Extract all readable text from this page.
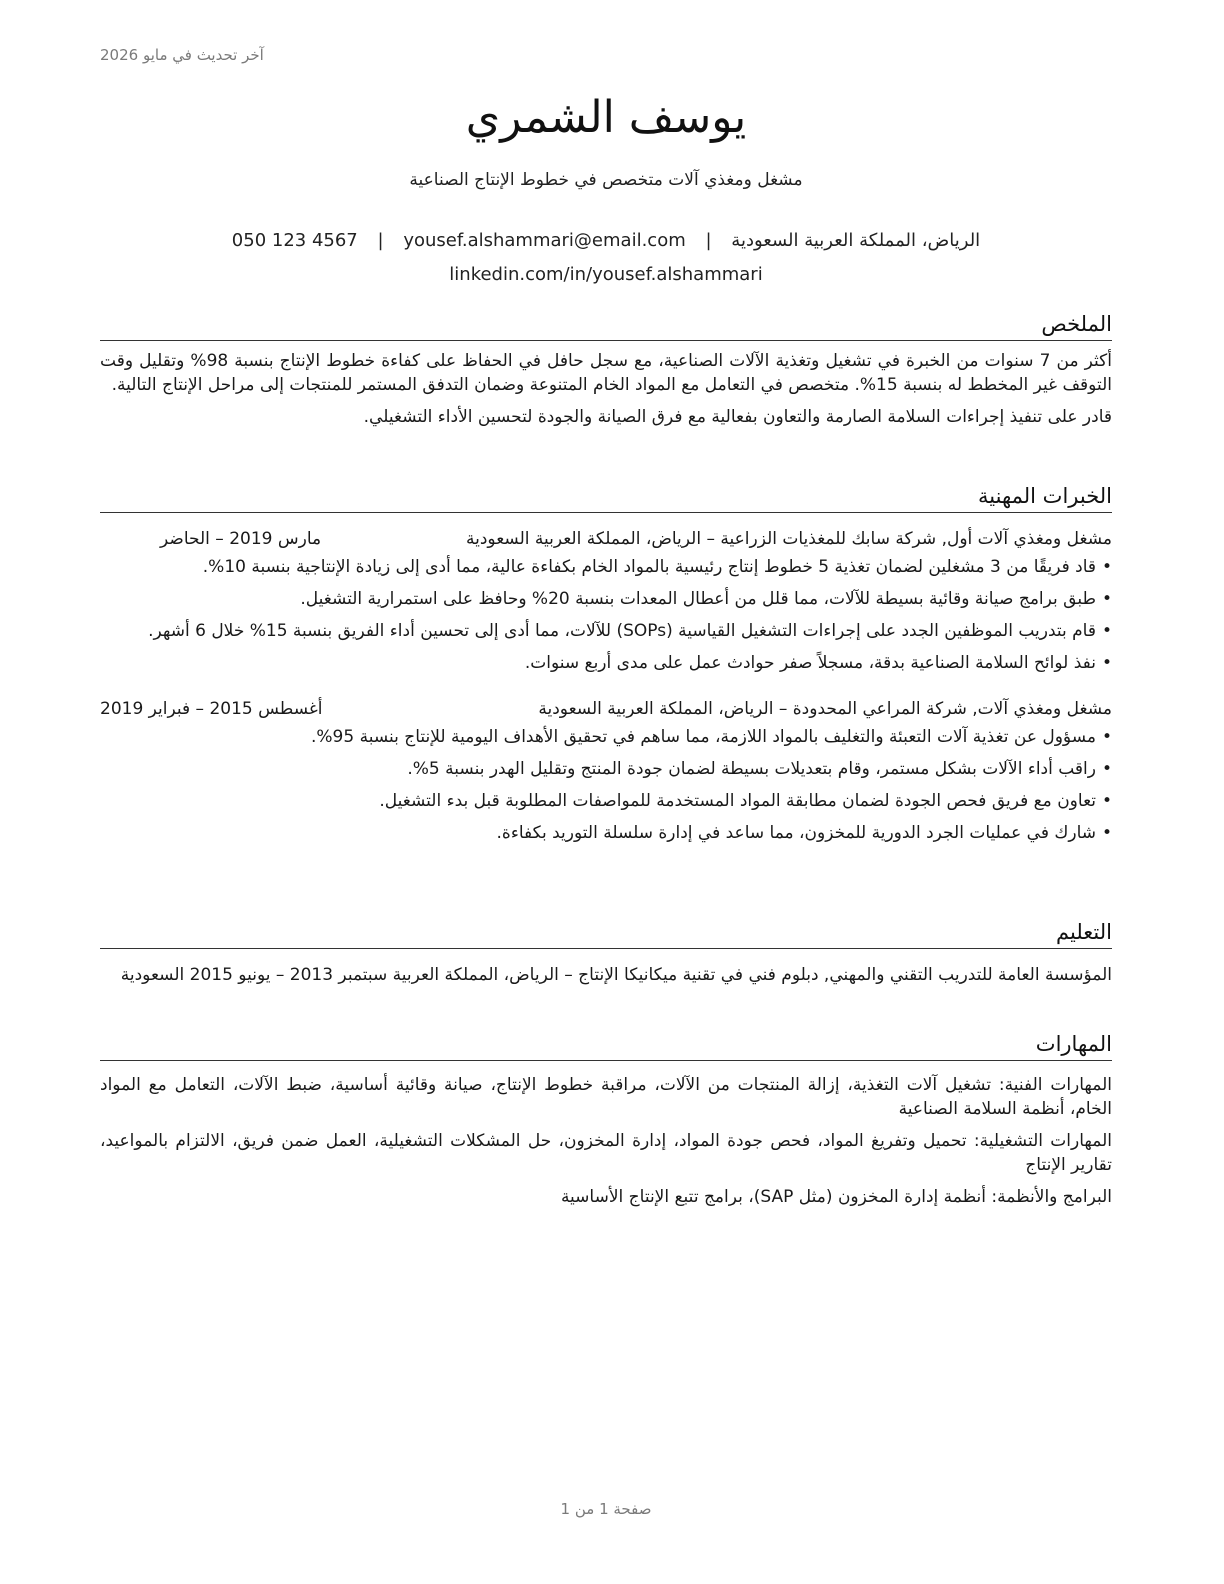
آخر تحديث في مايو 2026
يوسف الشمري
مشغل ومغذي آلات متخصص في خطوط الإنتاج الصناعية
الرياض، المملكة العربية السعودية | yousef.alshammari@email.com | 050 123 4567
linkedin.com/in/yousef.alshammari
الملخص

أكثر من 7 سنوات من الخبرة في تشغيل وتغذية الآلات الصناعية، مع سجل حافل في الحفاظ على كفاءة خطوط الإنتاج بنسبة 98% وتقليل وقت التوقف غير المخطط له بنسبة 15%. متخصص في التعامل مع المواد الخام المتنوعة وضمان التدفق المستمر للمنتجات إلى مراحل الإنتاج التالية.

قادر على تنفيذ إجراءات السلامة الصارمة والتعاون بفعالية مع فرق الصيانة والجودة لتحسين الأداء التشغيلي.

الخبرات المهنية
مشغل ومغذي آلات أول, شركة سابك للمغذيات الزراعية – الرياض، المملكة العربية السعودية
مارس 2019 – الحاضر
• قاد فريقًا من 3 مشغلين لضمان تغذية 5 خطوط إنتاج رئيسية بالمواد الخام بكفاءة عالية، مما أدى إلى زيادة الإنتاجية بنسبة 10%.
• طبق برامج صيانة وقائية بسيطة للآلات، مما قلل من أعطال المعدات بنسبة 20% وحافظ على استمرارية التشغيل.
• قام بتدريب الموظفين الجدد على إجراءات التشغيل القياسية (SOPs) للآلات، مما أدى إلى تحسين أداء الفريق بنسبة 15% خلال 6 أشهر.
• نفذ لوائح السلامة الصناعية بدقة، مسجلاً صفر حوادث عمل على مدى أربع سنوات.
مشغل ومغذي آلات, شركة المراعي المحدودة – الرياض، المملكة العربية السعودية
أغسطس 2015 – فبراير 2019
• مسؤول عن تغذية آلات التعبئة والتغليف بالمواد اللازمة، مما ساهم في تحقيق الأهداف اليومية للإنتاج بنسبة 95%.
• راقب أداء الآلات بشكل مستمر، وقام بتعديلات بسيطة لضمان جودة المنتج وتقليل الهدر بنسبة 5%.
• تعاون مع فريق فحص الجودة لضمان مطابقة المواد المستخدمة للمواصفات المطلوبة قبل بدء التشغيل.
• شارك في عمليات الجرد الدورية للمخزون، مما ساعد في إدارة سلسلة التوريد بكفاءة.
التعليم
المؤسسة العامة للتدريب التقني والمهني, دبلوم فني في تقنية ميكانيكا الإنتاج – الرياض، المملكة العربية سبتمبر 2013 – يونيو 2015 السعودية
المهارات
المهارات الفنية: تشغيل آلات التغذية، إزالة المنتجات من الآلات، مراقبة خطوط الإنتاج، صيانة وقائية أساسية، ضبط الآلات، التعامل مع المواد الخام، أنظمة السلامة الصناعية
المهارات التشغيلية: تحميل وتفريغ المواد، فحص جودة المواد، إدارة المخزون، حل المشكلات التشغيلية، العمل ضمن فريق، الالتزام بالمواعيد، تقارير الإنتاج
البرامج والأنظمة: أنظمة إدارة المخزون (مثل SAP)، برامج تتبع الإنتاج الأساسية
صفحة 1 من 1
